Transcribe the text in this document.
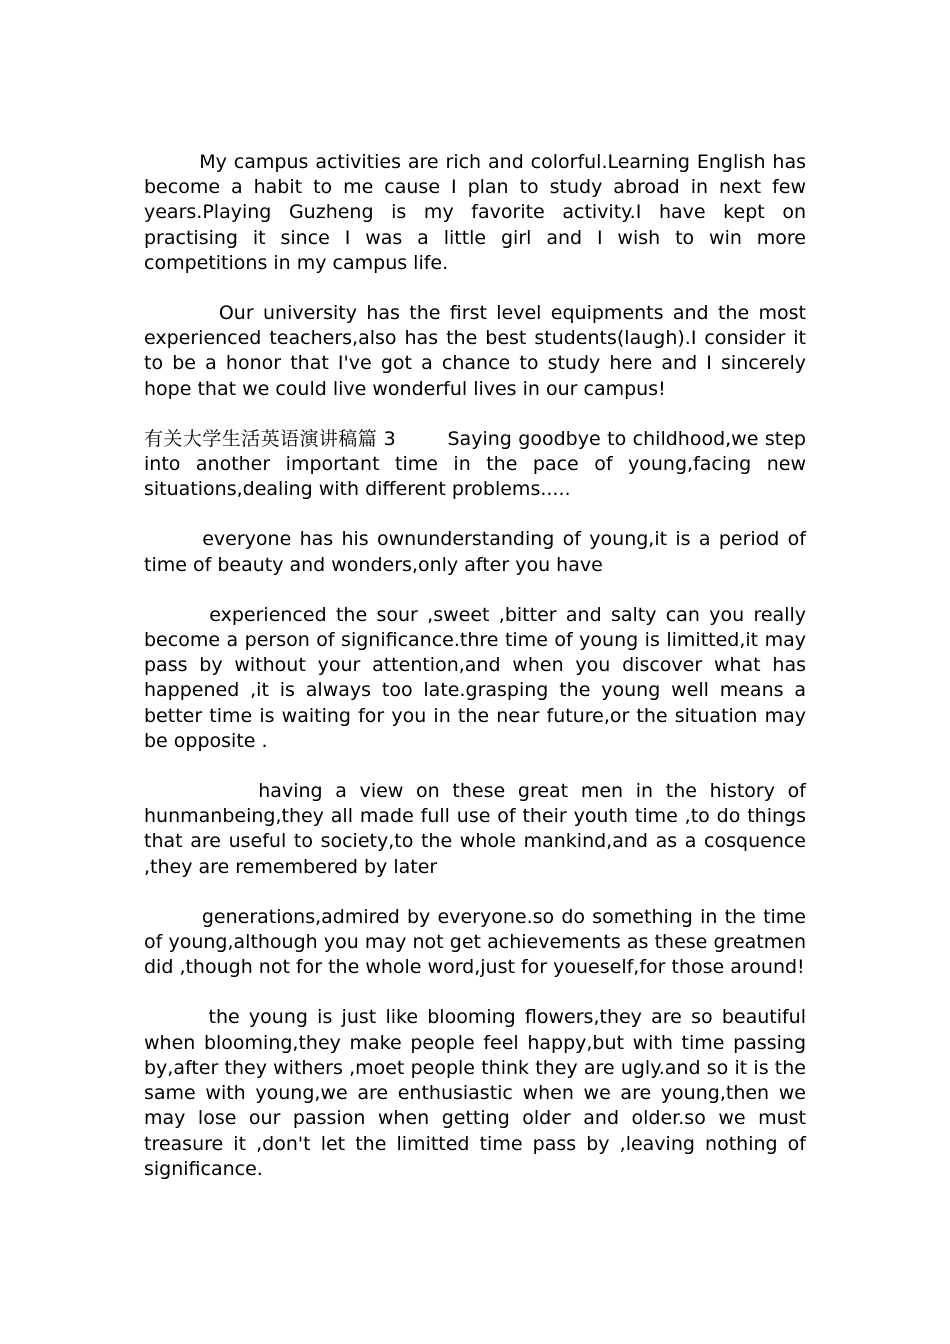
My campus activities are rich and colorful.Learning English has become a habit to me cause I plan to study abroad in next few years.Playing Guzheng is my favorite activity.I have kept on practising it since I was a little girl and I wish to win more competitions in my campus life.

Our university has the first level equipments and the most experienced teachers,also has the best students(laugh).I consider it to be a honor that I've got a chance to study here and I sincerely hope that we could live wonderful lives in our campus!

有关大学生活英语演讲稿篇 3	Saying goodbye to childhood,we step into another important time in the pace of young,facing new situations,dealing with different problems.....

everyone has his ownunderstanding of young,it is a period of time of beauty and wonders,only after you have

experienced the sour ,sweet ,bitter and salty can you really become a person of significance.thre time of young is limitted,it may pass by without your attention,and when you discover what has happened ,it is always too late.grasping the young well means a better time is waiting for you in the near future,or the situation may be opposite .

having a view on these great men in the history of hunmanbeing,they all made full use of their youth time ,to do things that are useful to society,to the whole mankind,and as a cosquence ,they are remembered by later

generations,admired by everyone.so do something in the time of young,although you may not get achievements as these greatmen did ,though not for the whole word,just for youeself,for those around!

the young is just like blooming flowers,they are so beautiful when blooming,they make people feel happy,but with time passing by,after they withers ,moet people think they are ugly.and so it is the same with young,we are enthusiastic when we are young,then we may lose our passion when getting older and older.so we must treasure it ,don't let the limitted time pass by ,leaving nothing of significance.
